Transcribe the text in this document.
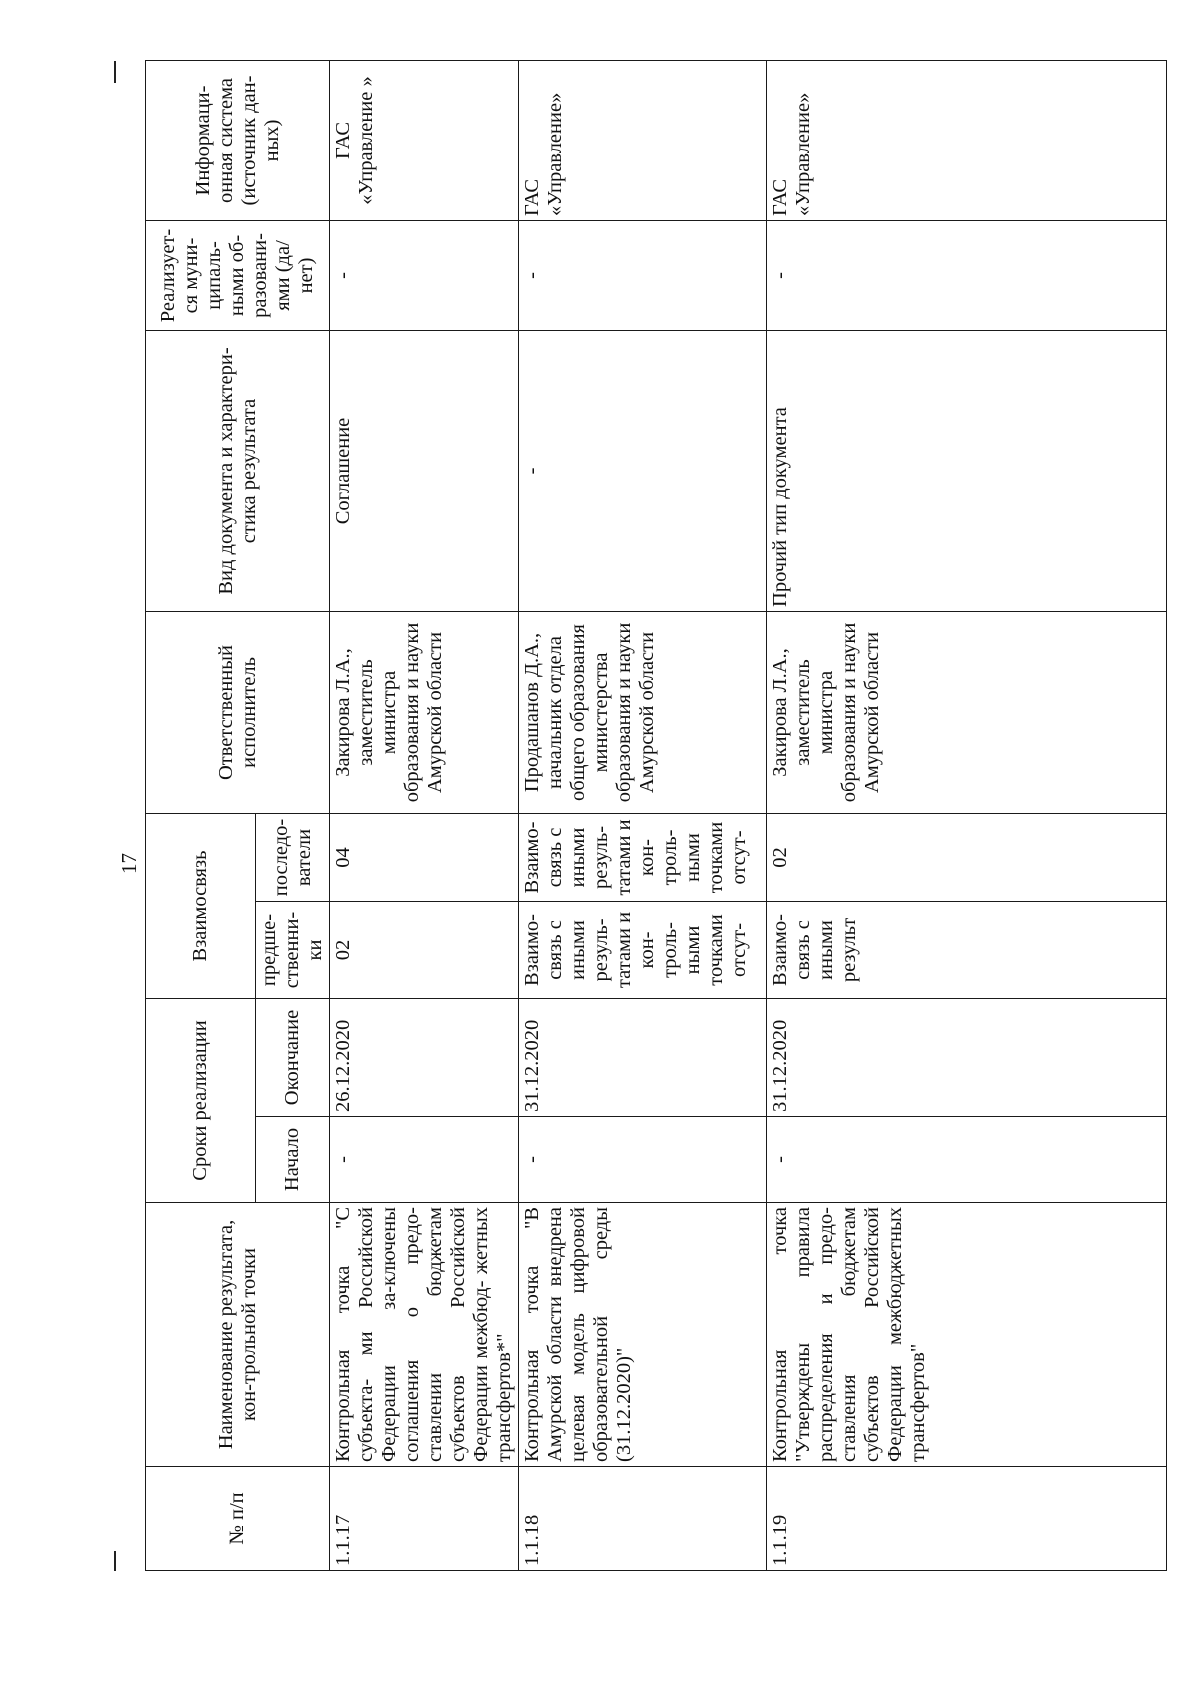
17
№ п/п	Наименование результата, кон-трольной точки	Сроки реализации		Взаимосвязь		Ответственный исполнитель	Вид документа и характери-стика результата	Реализует-ся муни-ципаль-ными об-разовани-ями (да/нет)	Информаци-онная система (источник дан-ных)
		Начало	Окончание	предше-ственни-ки	последо-ватели				
1.1.17	Контрольная точка "С субъекта- ми Российской Федерации за-ключены соглашения о предо- ставлении бюджетам субъектов Российской Федерации межбюд- жетных трансфертов*"	-	26.12.2020	02	04	Закирова Л.А., заместитель министра образования и науки Амурской области	Соглашение	-	ГАС «Управление »
1.1.18	Контрольная точка "В Амурской области внедрена целевая модель цифровой образовательной среды (31.12.2020)"	-	31.12.2020	Взаимо-связь с иными резуль-татами и кон-троль-ными точками отсут-	Взаимо-связь с иными резуль-татами и кон-троль-ными точками отсут-	Продашанов Д.А., начальник отдела общего образования министерства образования и науки Амурской области	-	-	ГАС «Управление»
1.1.19	Контрольная точка "Утверждены правила распределения и предо-ставления бюджетам субъектов Российской Федерации межбюджетных трансфертов"	-	31.12.2020	Взаимо-связь с иными результ	02	Закирова Л.А., заместитель министра образования и науки Амурской области	Прочий тип документа	-	ГАС «Управление»
